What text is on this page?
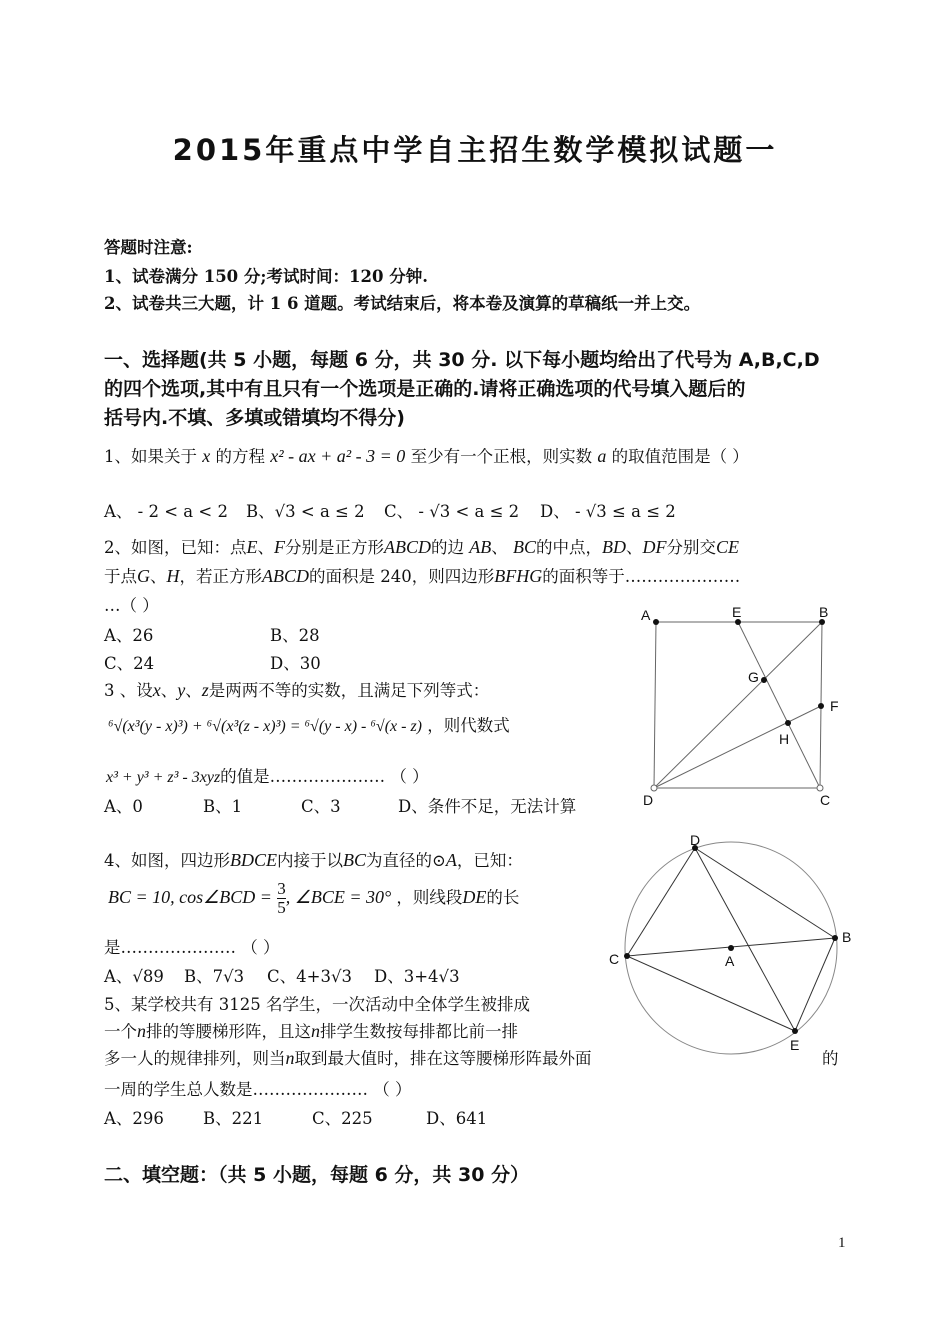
2015年重点中学自主招生数学模拟试题一
答题时注意:
1、试卷满分 150 分;考试时间：120 分钟.
2、试卷共三大题，计 1 6 道题。考试结束后，将本卷及演算的草稿纸一并上交。
一、选择题(共 5 小题，每题 6 分，共 30 分. 以下每小题均给出了代号为 A,B,C,D
的四个选项,其中有且只有一个选项是正确的.请将正确选项的代号填入题后的
括号内.不填、多填或错填均不得分)
1、如果关于 x 的方程 x² - ax + a² - 3 = 0 至少有一个正根，则实数 a 的取值范围是（ ）
A、 - 2 < a < 2 B、√3 < a ≤ 2 C、 - √3 < a ≤ 2 D、 - √3 ≤ a ≤ 2
2、如图，已知：点E、F分别是正方形ABCD的边 AB、 BC的中点，BD、DF分别交CE
于点G、H，若正方形ABCD的面积是 240，则四边形BFHG的面积等于…………………
…（ ）
A、26	B、28
C、24	D、30
A	E	B
G
F
H
D	C
3 、设x、y、z是两两不等的实数，且满足下列等式：
⁶√(x³(y - x)³) + ⁶√(x³(z - x)³) = ⁶√(y - x) - ⁶√(x - z) ，则代数式
x³ + y³ + z³ - 3xyz的值是………………… （ ）
A、0	B、1	C、3	D、条件不足，无法计算
4、如图，四边形BDCE内接于以BC为直径的⊙A，已知：
BC = 10, cos∠BCD = $\frac{3}{5}$ , ∠BCE = 30° ，则线段DE的长
是………………… （ ）
A、√89 B、7√3 C、4+3√3 D、3+4√3
D
C	A
B
E
5、某学校共有 3125 名学生，一次活动中全体学生被排成
一个n排的等腰梯形阵，且这n排学生数按每排都比前一排
多一人的规律排列，则当n取到最大值时，排在这等腰梯形阵最外面	的
一周的学生总人数是………………… （ ）
A、296 B、221	C、225	D、641
二、填空题：（共 5 小题，每题 6 分，共 30 分）
1
